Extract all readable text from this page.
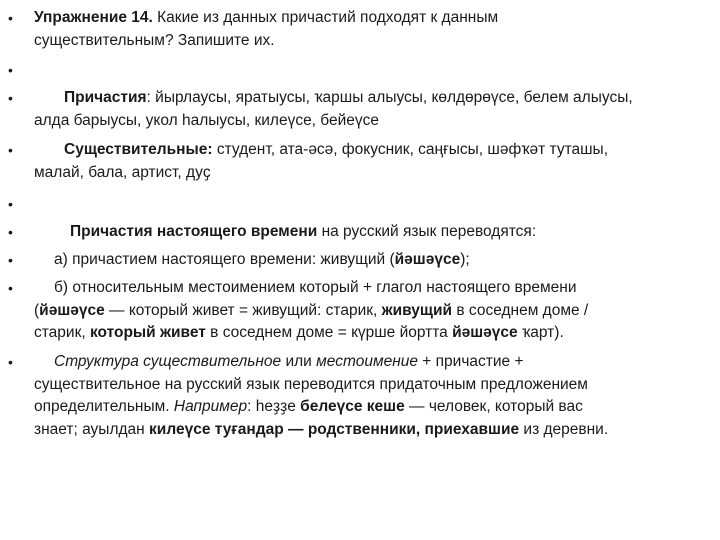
•	Упражнение 14. Какие из данных причастий подходят к данным
существительным? Запишите их.
•
•	Причастия: йырлаусы, яратыусы, ҡаршы алыусы, көлдөрөүсе, белем алыусы,
алда барыусы, укол һалыусы, килеүсе, бейеүсе
•	Существительные: студент, ата-әсә, фокусник, саңғысы, шәфҡәт туташы,
малай, бала, артист, дуҫ
•
•	Причастия настоящего времени на русский язык переводятся:
•	а) причастием настоящего времени: живущий (йәшәүсе);
•	б) относительным местоимением который + глагол настоящего времени
(йәшәүсе — который живет = живущий: старик, живущий в соседнем доме /
старик, который живет в соседнем доме = күрше йортта йәшәүсе ҡарт).
•	Структура существительное или местоимение + причастие +
существительное на русский язык переводится придаточным предложением
определительным. Например: һеҙҙе белеүсе кеше — человек, который вас
знает; ауылдан килеүсе туғандар — родственники, приехавшие из деревни.
